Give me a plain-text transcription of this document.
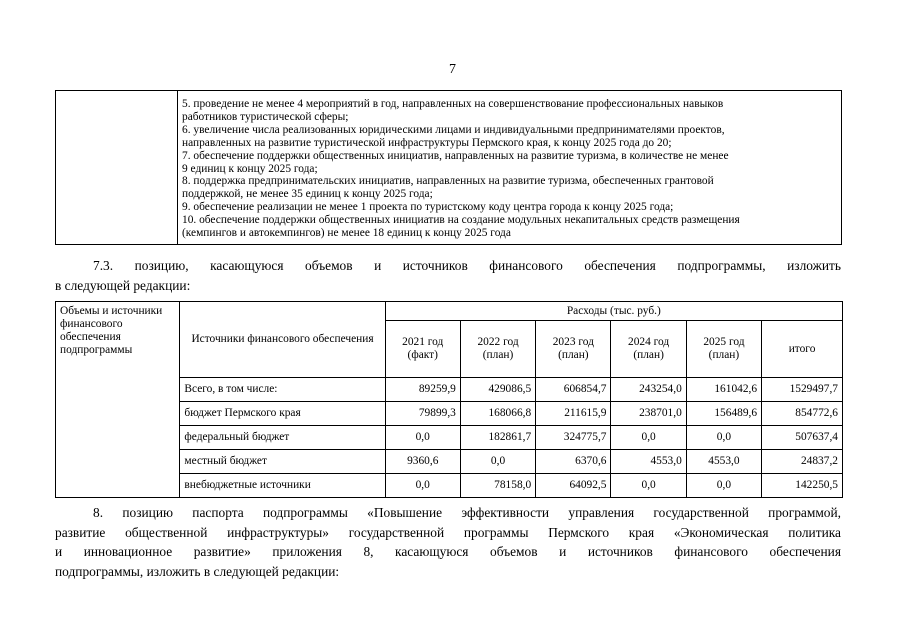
7
5. проведение не менее 4 мероприятий в год, направленных на совершенствование профессиональных навыков
работников туристической сферы;
6. увеличение числа реализованных юридическими лицами и индивидуальными предпринимателями проектов,
направленных на развитие туристической инфраструктуры Пермского края, к концу 2025 года до 20;
7. обеспечение поддержки общественных инициатив, направленных на развитие туризма, в количестве не менее
9 единиц к концу 2025 года;
8. поддержка предпринимательских инициатив, направленных на развитие туризма, обеспеченных грантовой
поддержкой, не менее 35 единиц к концу 2025 года;
9. обеспечение реализации не менее 1 проекта по туристскому коду центра города к концу 2025 года;
10. обеспечение поддержки общественных инициатив на создание модульных некапитальных средств размещения
(кемпингов и автокемпингов) не менее 18 единиц к концу 2025 года
7.3. позицию, касающуюся объемов и источников финансового обеспечения подпрограммы, изложить
в следующей редакции:
Объемы и источники финансового обеспечения подпрограммы	Источники финансового обеспечения	Расходы (тыс. руб.)					
		2021 год (факт)	2022 год (план)	2023 год (план)	2024 год (план)	2025 год (план)	итого
	Всего, в том числе:	89259,9	429086,5	606854,7	243254,0	161042,6	1529497,7
	бюджет Пермского края	79899,3	168066,8	211615,9	238701,0	156489,6	854772,6
	федеральный бюджет	0,0	182861,7	324775,7	0,0	0,0	507637,4
	местный бюджет	9360,6	0,0	6370,6	4553,0	4553,0	24837,2
	внебюджетные источники	0,0	78158,0	64092,5	0,0	0,0	142250,5
8. позицию паспорта подпрограммы «Повышение эффективности управления государственной программой,
развитие общественной инфраструктуры» государственной программы Пермского края «Экономическая политика
и инновационное развитие» приложения 8, касающуюся объемов и источников финансового обеспечения
подпрограммы, изложить в следующей редакции:
